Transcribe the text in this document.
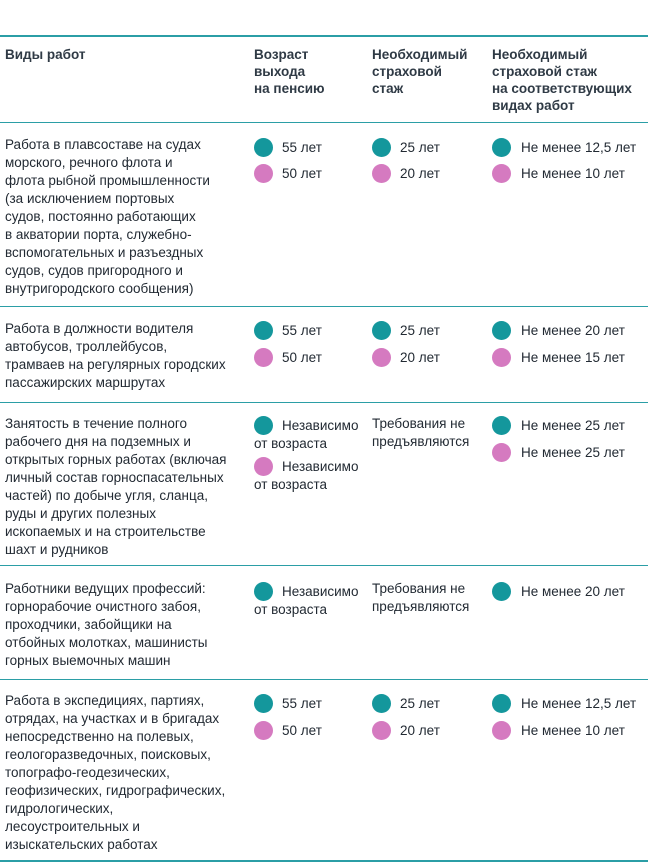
Виды работ	Возраст
выхода
на пенсию
Необходимый
страховой
стаж
Необходимый
страховой стаж
на соответствующих
видах работ
Работа в плавсоставе на судах
морского, речного флота и
флота рыбной промышленности
(за исключением портовых
судов, постоянно работающих
в акватории порта, служебно-
вспомогательных и разъездных
судов, судов пригородного и
внутригородского сообщения)
55 лет
50 лет
25 лет
20 лет
Не менее 12,5 лет
Не менее 10 лет
Работа в должности водителя
автобусов, троллейбусов,
трамваев на регулярных городских
пассажирских маршрутах
55 лет
50 лет
25 лет
20 лет
Не менее 20 лет
Не менее 15 лет
Занятость в течение полного
рабочего дня на подземных и
открытых горных работах (включая
личный состав горноспасательных
частей) по добыче угля, сланца,
руды и других полезных
ископаемых и на строительстве
шахт и рудников
Независимо
от возраста
Независимо
от возраста
Требования не
предъявляются
Не менее 25 лет
Не менее 25 лет
Работники ведущих профессий:
горнорабочие очистного забоя,
проходчики, забойщики на
отбойных молотках, машинисты
горных выемочных машин
Независимо
от возраста
Требования не
предъявляются
Не менее 20 лет
Работа в экспедициях, партиях,
отрядах, на участках и в бригадах
непосредственно на полевых,
геологоразведочных, поисковых,
топографо-геодезических,
геофизических, гидрографических,
гидрологических,
лесоустроительных и
изыскательских работах
55 лет
50 лет
25 лет
20 лет
Не менее 12,5 лет
Не менее 10 лет
